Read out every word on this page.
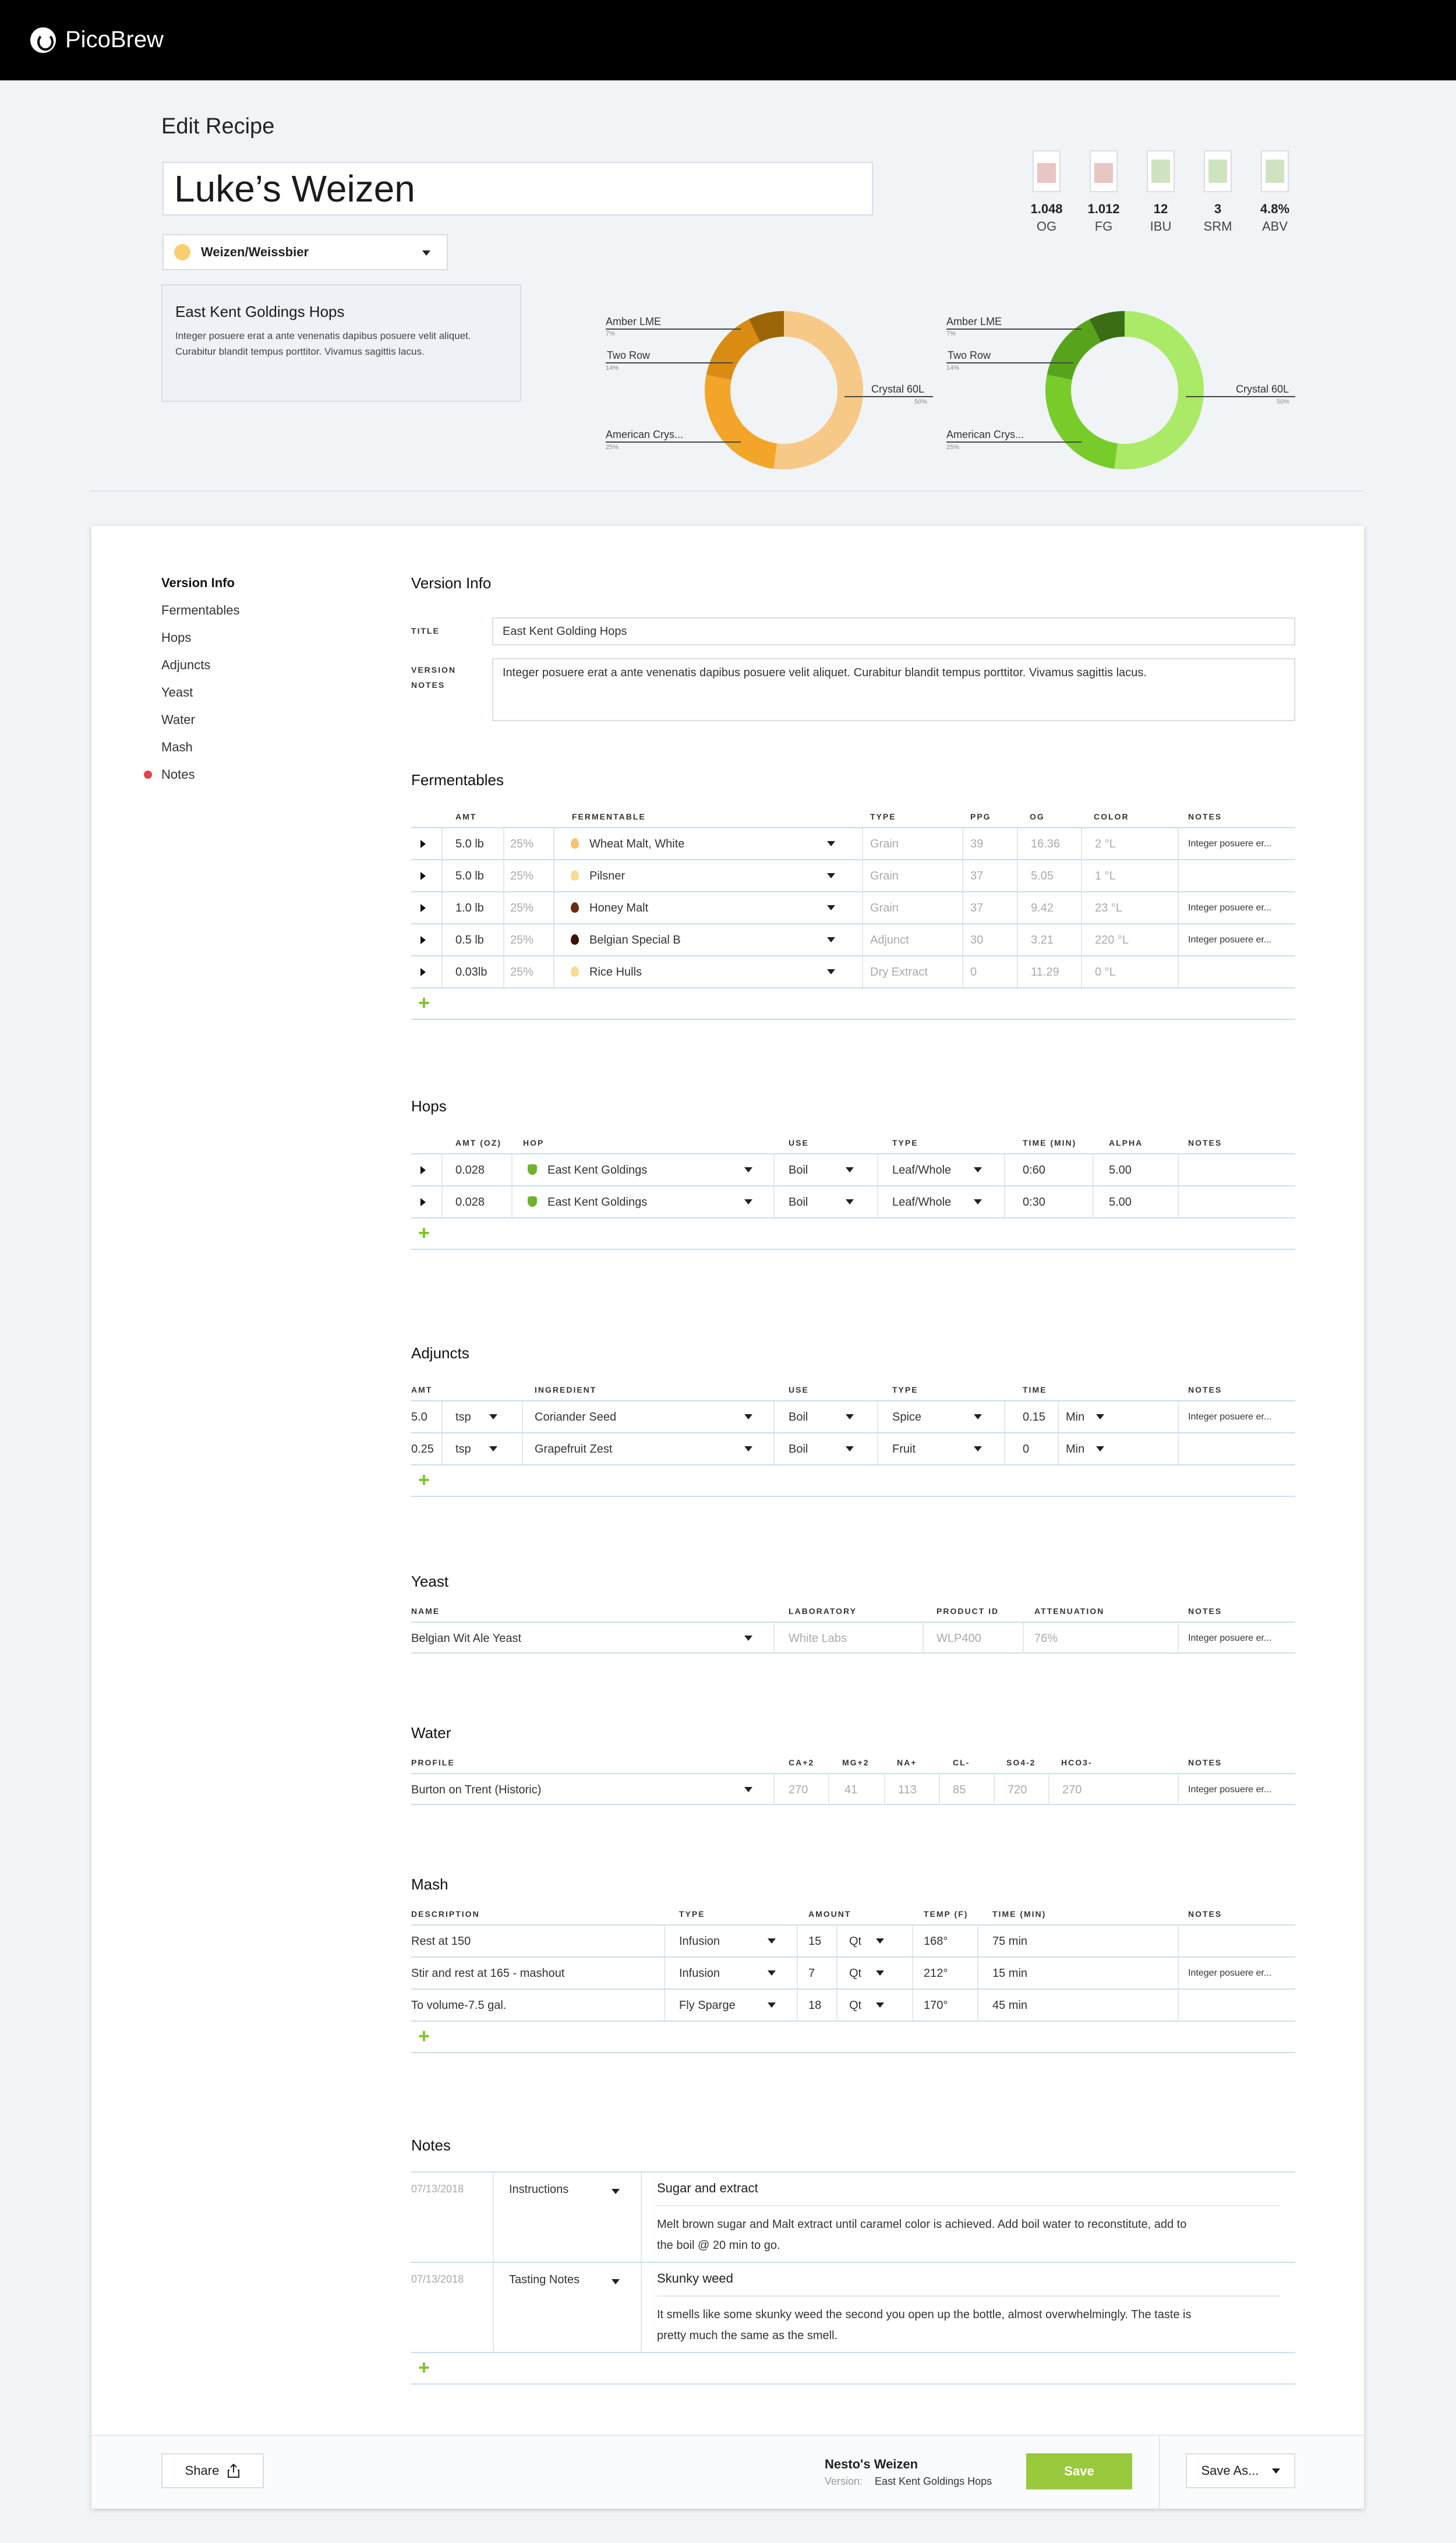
PicoBrew
Edit Recipe
Luke’s Weizen
Weizen/Weissbier
East Kent Goldings Hops

Integer posuere erat a ante venenatis dapibus posuere velit aliquet. Curabitur blandit tempus porttitor. Vivamus sagittis lacus.

1.048
OG
1.012
FG
12
IBU
3
SRM
4.8%
ABV
Amber LME
7%
Two Row
14%
American Crys...
25%
Crystal 60L
50%
Amber LME
7%
Two Row
14%
American Crys...
25%
Crystal 60L
50%
Version Info
Fermentables
Hops
Adjuncts
Yeast
Water
Mash
Notes
Version Info
TITLE	East Kent Golding Hops
VERSION
NOTES
Integer posuere erat a ante venenatis dapibus posuere velit aliquet. Curabitur blandit tempus porttitor. Vivamus sagittis lacus.
Fermentables
AMT	FERMENTABLE	TYPE	PPG	OG	COLOR	NOTES
5.0 lb 25%	Wheat Malt, White	Grain	39	16.36	2 °L	Integer posuere er...
5.0 lb 25%	Pilsner	Grain	37	5.05	1 °L
1.0 lb 25%	Honey Malt	Grain	37	9.42	23 °L	Integer posuere er...
0.5 lb 25%	Belgian Special B	Adjunct	30	3.21	220 °L	Integer posuere er...
0.03lb 25%	Rice Hulls	Dry Extract	0	11.29	0 °L
+
Hops
AMT (OZ)	HOP	USE	TYPE	TIME (MIN)	ALPHA	NOTES
0.028	East Kent Goldings	Boil	Leaf/Whole	0:60	5.00
0.028	East Kent Goldings	Boil	Leaf/Whole	0:30	5.00
+
Adjuncts
AMT	INGREDIENT	USE	TYPE	TIME	NOTES
5.0 tsp	Coriander Seed	Boil	Spice	0.15 Min	Integer posuere er...
0.25 tsp	Grapefruit Zest	Boil	Fruit	0	Min
+
Yeast
NAME	LABORATORY	PRODUCT ID	ATTENUATION	NOTES
Belgian Wit Ale Yeast	White Labs	WLP400	76%	Integer posuere er...
Water
PROFILE	CA+2	MG+2	NA+	CL-	SO4-2	HCO3-	NOTES
Burton on Trent (Historic)	270	41	113	85	720	270	Integer posuere er...
Mash
DESCRIPTION	TYPE	AMOUNT	TEMP (F)	TIME (MIN)	NOTES
Rest at 150	Infusion	15 Qt	168°	75 min
Stir and rest at 165 - mashout	Infusion	7	Qt	212°	15 min	Integer posuere er...
To volume-7.5 gal.	Fly Sparge	18 Qt	170°	45 min
+
Notes
07/13/2018	Instructions	Sugar and extract
Melt brown sugar and Malt extract until caramel color is achieved. Add boil water to reconstitute, add to
the boil @ 20 min to go.
07/13/2018	Tasting Notes	Skunky weed
It smells like some skunky weed the second you open up the bottle, almost overwhelmingly. The taste is
pretty much the same as the smell.
+
Share	Nesto's Weizen
Version: East Kent Goldings Hops
Save	Save As...
